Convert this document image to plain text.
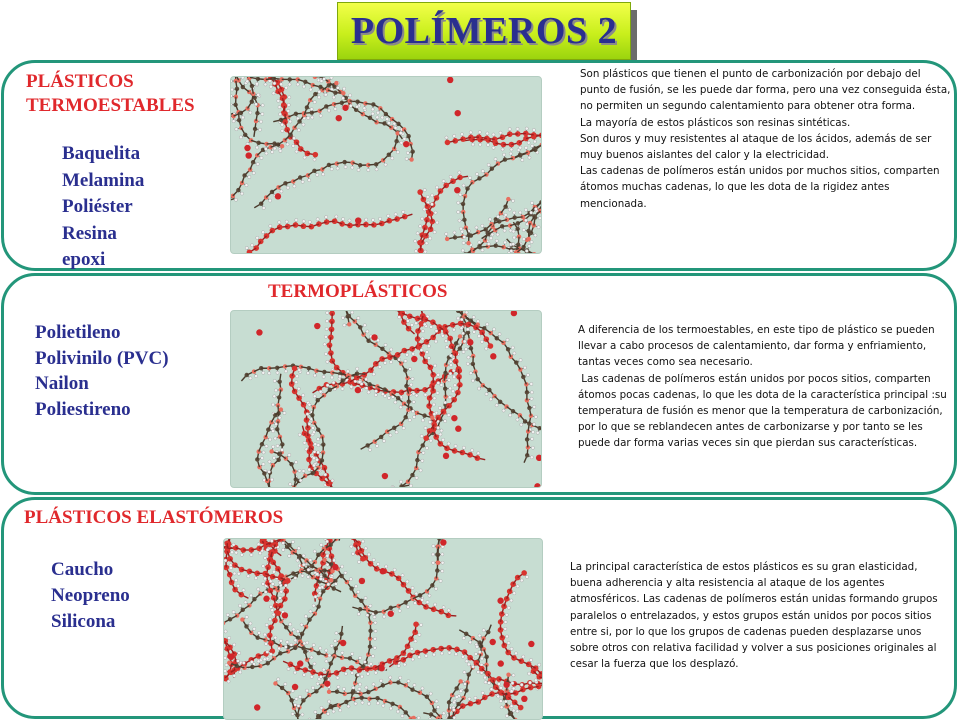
POLÍMEROS 2
PLÁSTICOS TERMOESTABLES
Baquelita
Melamina
Poliéster
Resina
epoxi

Son plásticos que tienen el punto de carbonización por debajo del punto de fusión, se les puede dar forma, pero una vez conseguida ésta, no permiten un segundo calentamiento para obtener otra forma.

La mayoría de estos plásticos son resinas sintéticas.

Son duros y muy resistentes al ataque de los ácidos, además de ser muy buenos aislantes del calor y la electricidad.

Las cadenas de polímeros están unidos por muchos sitios, comparten átomos muchas cadenas, lo que les dota de la rigidez antes mencionada.

TERMOPLÁSTICOS
Polietileno
Polivinilo (PVC)
Nailon
Poliestireno

A diferencia de los termoestables, en este tipo de plástico se pueden llevar a cabo procesos de calentamiento, dar forma y enfriamiento, tantas veces como sea necesario.

Las cadenas de polímeros están unidos por pocos sitios, comparten átomos pocas cadenas, lo que les dota de la característica principal :su temperatura de fusión es menor que la temperatura de carbonización, por lo que se reblandecen antes de carbonizarse y por tanto se les puede dar forma varias veces sin que pierdan sus características.

PLÁSTICOS ELASTÓMEROS
Caucho
Neopreno
Silicona

La principal característica de estos plásticos es su gran elasticidad, buena adherencia y alta resistencia al ataque de los agentes atmosféricos. Las cadenas de polímeros están unidas formando grupos paralelos o entrelazados, y estos grupos están unidos por pocos sitios entre si, por lo que los grupos de cadenas pueden desplazarse unos sobre otros con relativa facilidad y volver a sus posiciones originales al cesar la fuerza que los desplazó.
